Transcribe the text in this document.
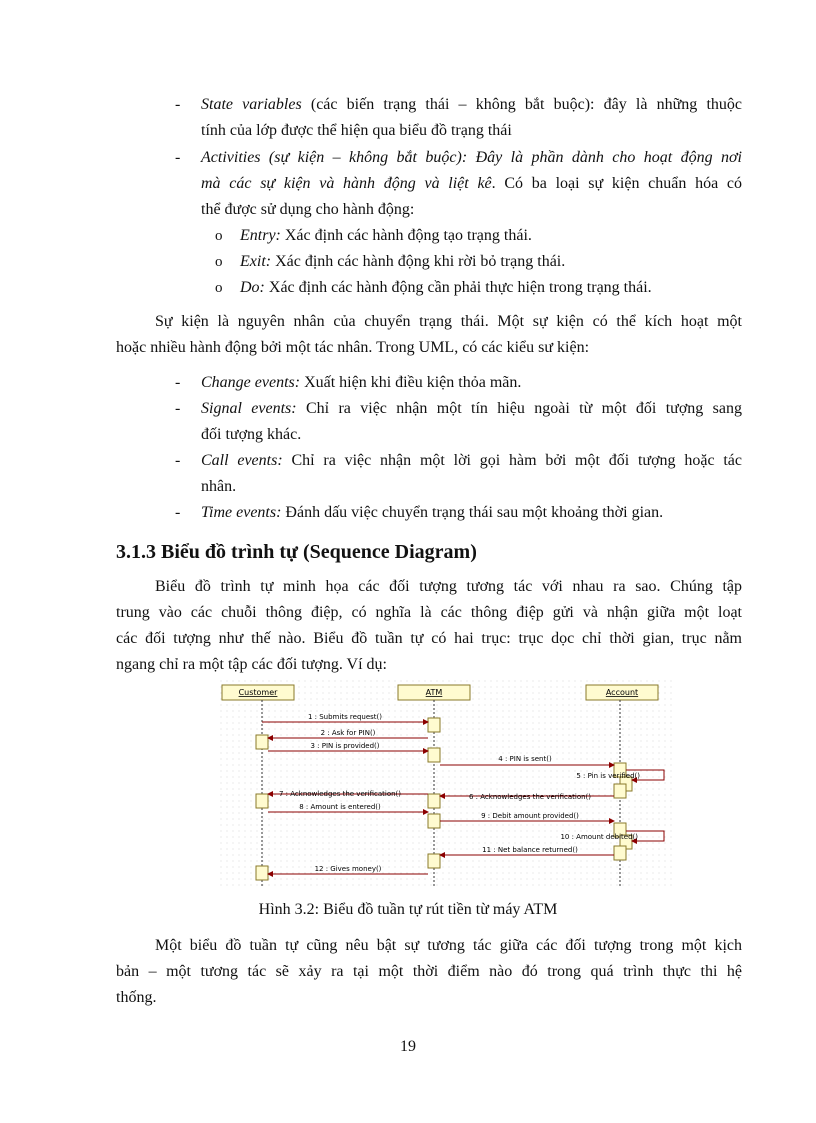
- State variables (các biến trạng thái – không bắt buộc): đây là những thuộc
tính của lớp được thể hiện qua biểu đồ trạng thái
- Activities (sự kiện – không bắt buộc): Đây là phần dành cho hoạt động nơi
mà các sự kiện và hành động và liệt kê. Có ba loại sự kiện chuẩn hóa có
thể được sử dụng cho hành động:
o Entry: Xác định các hành động tạo trạng thái.
o Exit: Xác định các hành động khi rời bỏ trạng thái.
o Do: Xác định các hành động cần phải thực hiện trong trạng thái.
Sự kiện là nguyên nhân của chuyển trạng thái. Một sự kiện có thể kích hoạt một
hoặc nhiều hành động bởi một tác nhân. Trong UML, có các kiểu sư kiện:
- Change events: Xuất hiện khi điều kiện thỏa mãn.
- Signal events: Chỉ ra việc nhận một tín hiệu ngoài từ một đối tượng sang
đối tượng khác.
- Call events: Chỉ ra việc nhận một lời gọi hàm bởi một đối tượng hoặc tác
nhân.
- Time events: Đánh dấu việc chuyển trạng thái sau một khoảng thời gian.
3.1.3 Biểu đồ trình tự (Sequence Diagram)
Biểu đồ trình tự minh họa các đối tượng tương tác với nhau ra sao. Chúng tập
trung vào các chuỗi thông điệp, có nghĩa là các thông điệp gửi và nhận giữa một loạt
các đối tượng như thế nào. Biểu đồ tuần tự có hai trục: trục dọc chỉ thời gian, trục nằm
ngang chỉ ra một tập các đối tượng. Ví dụ:
Customer	ATM	Account
1 : Submits request()
2 : Ask for PIN()
3 : PIN is provided()
4 : PIN is sent()
5 : Pin is verified()
6 : Acknowledges the verification()
7 : Acknowledges the verification()
8 : Amount is entered()
9 : Debit amount provided()
10 : Amount debited()
11 : Net balance returned()
12 : Gives money()
Hình 3.2: Biểu đồ tuần tự rút tiền từ máy ATM
Một biểu đồ tuần tự cũng nêu bật sự tương tác giữa các đối tượng trong một kịch
bản – một tương tác sẽ xảy ra tại một thời điểm nào đó trong quá trình thực thi hệ
thống.
19
